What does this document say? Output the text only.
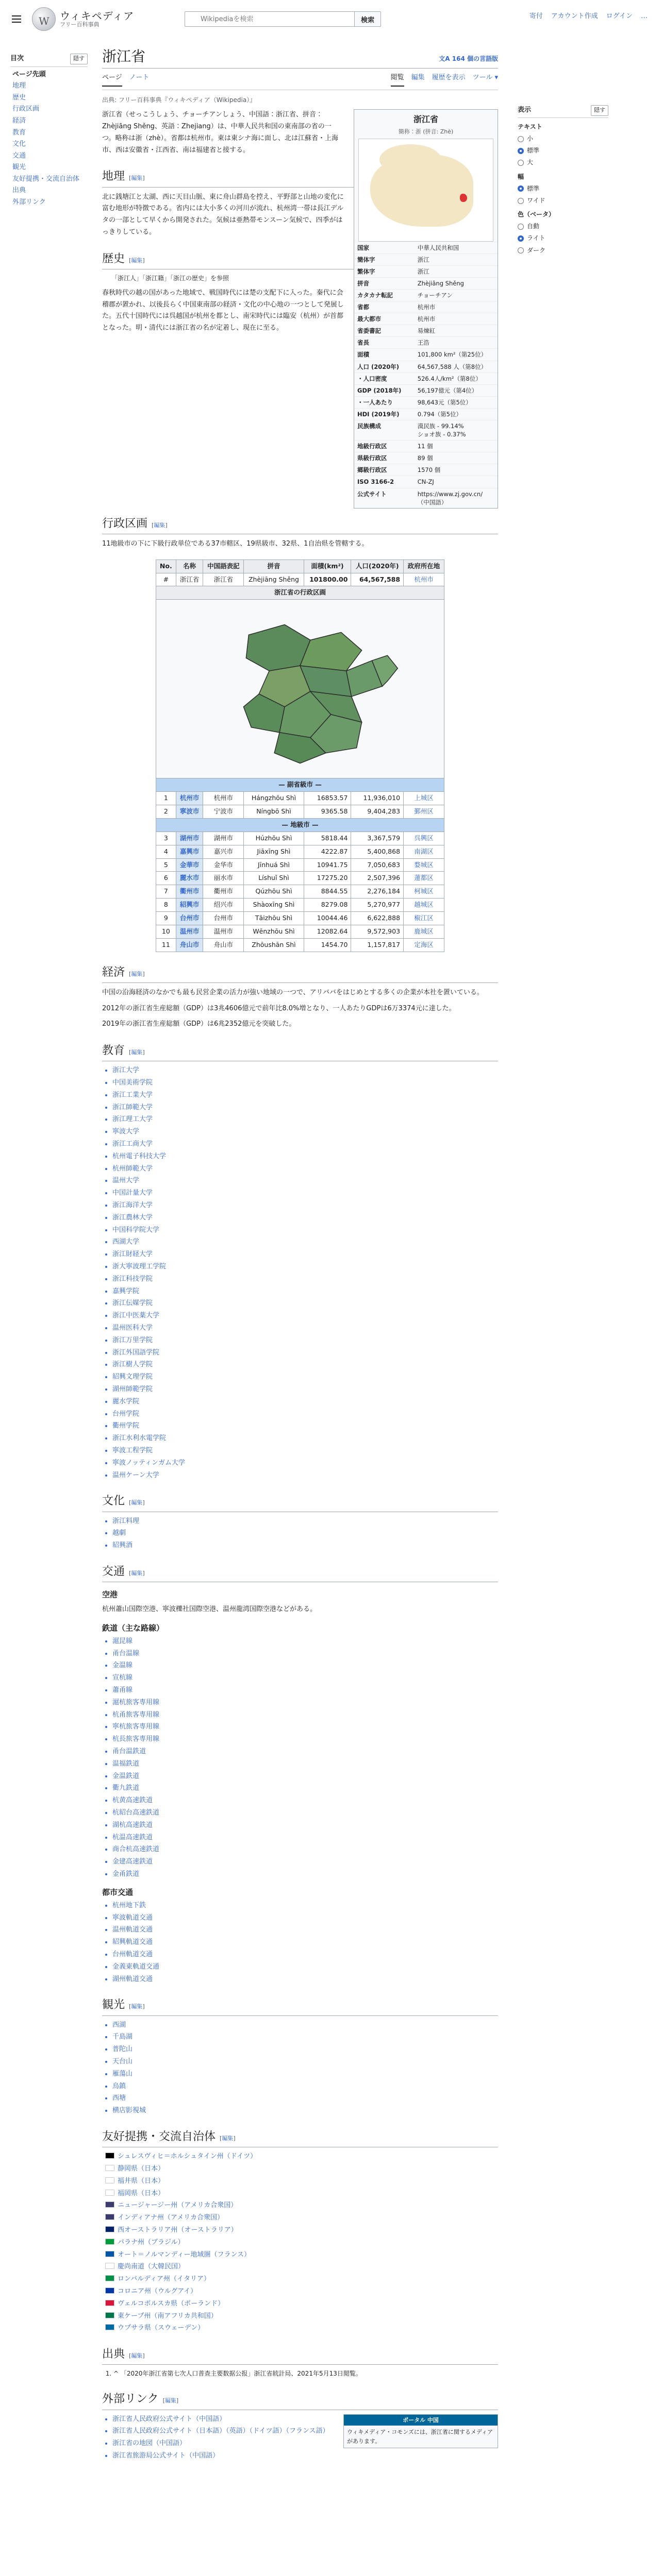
W
ウィキペディア
フリー百科事典
Wikipediaを検索
検索	寄付 アカウント作成 ログイン …
目次	隠す
ページ先頭
地理
歴史
行政区画
経済
教育
文化
交通
観光
友好提携・交流自治体
出典
外部リンク
浙江省	文A 164 個の言語版
ページ ノート	閲覧 編集 履歴を表示 ツール ▾
出典: フリー百科事典『ウィキペディア（Wikipedia）』
浙江省
簡称：浙 (拼音: Zhè)
国家	中華人民共和国
簡体字	浙江
繁体字	浙江
拼音	Zhèjiāng Shěng
カタカナ転記	チョーチアン
省都	杭州市
最大都市	杭州市
省委書記	易煉紅
省長	王浩
面積	101,800 km²（第25位）
人口 (2020年)	64,567,588 人（第8位）
・人口密度	526.4人/km²（第8位）
GDP (2018年)	56,197億元（第4位）
・一人あたり	98,643元（第5位）
HDI (2019年)	0.794（第5位）
民族構成	漢民族 - 99.14%
ショオ族 - 0.37%
地級行政区	11 個
県級行政区	89 個
郷級行政区	1570 個
ISO 3166-2	CN-ZJ
公式サイト	https://www.zj.gov.cn/（中国語）

浙江省（せっこうしょう、チョーチアンしょう、中国語：浙江省、拼音：Zhèjiāng Shěng、英語：Zhejiang）は、中華人民共和国の東南部の省の一つ。略称は浙（zhè）。省都は杭州市。東は東シナ海に面し、北は江蘇省・上海市、西は安徽省・江西省、南は福建省と接する。

地理 [編集]

北に銭塘江と太湖、西に天目山脈、東に舟山群島を控え、平野部と山地の変化に富む地形が特徴である。省内には大小多くの河川が流れ、杭州湾一帯は長江デルタの一部として早くから開発された。気候は亜熱帯モンスーン気候で、四季がはっきりしている。

歴史 [編集]
「浙江人」「浙江籍」「浙江の歴史」を参照

春秋時代の越の国があった地域で、戦国時代には楚の支配下に入った。秦代に会稽郡が置かれ、以後長らく中国東南部の経済・文化の中心地の一つとして発展した。五代十国時代には呉越国が杭州を都とし、南宋時代には臨安（杭州）が首都となった。明・清代には浙江省の名が定着し、現在に至る。

行政区画 [編集]

11地級市の下に下級行政単位である37市轄区、19県級市、32県、1自治県を管轄する。

No.	名称	中国語表記	拼音	面積(km²)	人口(2020年)	政府所在地
#	浙江省	浙江省	Zhèjiāng Shěng	101800.00	64,567,588	杭州市

浙江省の行政区画						

— 副省級市 —						
1	杭州市	杭州市	Hángzhōu Shì	16853.57	11,936,010	上城区
2	寧波市	宁波市	Níngbō Shì	9365.58	9,404,283	鄞州区
— 地級市 —						
3	湖州市	湖州市	Húzhōu Shì	5818.44	3,367,579	呉興区
4	嘉興市	嘉兴市	Jiāxīng Shì	4222.87	5,400,868	南湖区
5	金華市	金华市	Jīnhuá Shì	10941.75	7,050,683	婺城区
6	麗水市	丽水市	Líshuǐ Shì	17275.20	2,507,396	蓮都区
7	衢州市	衢州市	Qúzhōu Shì	8844.55	2,276,184	柯城区
8	紹興市	绍兴市	Shàoxīng Shì	8279.08	5,270,977	越城区
9	台州市	台州市	Tāizhōu Shì	10044.46	6,622,888	椒江区
10	温州市	温州市	Wēnzhōu Shì	12082.64	9,572,903	鹿城区
11	舟山市	舟山市	Zhōushān Shì	1454.70	1,157,817	定海区
経済 [編集]

中国の沿海経済のなかでも最も民営企業の活力が強い地域の一つで、アリババをはじめとする多くの企業が本社を置いている。

2012年の浙江省生産総額（GDP）は3兆4606億元で前年比8.0%増となり、一人あたりGDPは6万3374元に達した。

2019年の浙江省生産総額（GDP）は6兆2352億元を突破した。

教育 [編集]
• 浙江大学
• 中国美術学院
• 浙江工業大学
• 浙江師範大学
• 浙江理工大学
• 寧波大学
• 浙江工商大学
• 杭州電子科技大学
• 杭州師範大学
• 温州大学
• 中国計量大学
• 浙江海洋大学
• 浙江農林大学
• 中国科学院大学
• 西湖大学
• 浙江財経大学
• 浙大寧波理工学院
• 浙江科技学院
• 嘉興学院
• 浙江伝媒学院
• 浙江中医薬大学
• 温州医科大学
• 浙江万里学院
• 浙江外国語学院
• 浙江樹人学院
• 紹興文理学院
• 湖州師範学院
• 麗水学院
• 台州学院
• 衢州学院
• 浙江水利水電学院
• 寧波工程学院
• 寧波ノッティンガム大学
• 温州ケーン大学
文化 [編集]
• 浙江料理
• 越劇
• 紹興酒
交通 [編集]
空港

杭州蕭山国際空港、寧波櫟社国際空港、温州龍湾国際空港などがある。

鉄道（主な路線）
• 滬昆線
• 甬台温線
• 金温線
• 宣杭線
• 蕭甬線
• 滬杭旅客専用線
• 杭甬旅客専用線
• 寧杭旅客専用線
• 杭長旅客専用線
• 甬台温鉄道
• 温福鉄道
• 金温鉄道
• 衢九鉄道
• 杭黄高速鉄道
• 杭紹台高速鉄道
• 湖杭高速鉄道
• 杭温高速鉄道
• 商合杭高速鉄道
• 金建高速鉄道
• 金甬鉄道
都市交通
• 杭州地下鉄
• 寧波軌道交通
• 温州軌道交通
• 紹興軌道交通
• 台州軌道交通
• 金義東軌道交通
• 湖州軌道交通
観光 [編集]
• 西湖
• 千島湖
• 普陀山
• 天台山
• 雁蕩山
• 烏鎮
• 西塘
• 横店影視城
友好提携・交流自治体 [編集]
シュレスヴィヒ＝ホルシュタイン州（ドイツ）
静岡県（日本）
福井県（日本）
福岡県（日本）
ニュージャージー州（アメリカ合衆国）
インディアナ州（アメリカ合衆国）
西オーストラリア州（オーストラリア）
パラナ州（ブラジル）
オート＝ノルマンディー地域圏（フランス）
慶尚南道（大韓民国）
ロンバルディア州（イタリア）
コロニア州（ウルグアイ）
ヴェルコポルスカ県（ポーランド）
東ケープ州（南アフリカ共和国）
ウプサラ県（スウェーデン）
出典 [編集]
1. ^ 「2020年浙江省第七次人口普查主要数据公报」浙江省統計局、2021年5月13日閲覧。
外部リンク [編集]
ポータル 中国
ウィキメディア・コモンズには、浙江省に関するメディアがあります。
• 浙江省人民政府公式サイト（中国語）
• 浙江省人民政府公式サイト（日本語）（英語）（ドイツ語）（フランス語）
• 浙江省の地図（中国語）
• 浙江省旅游局公式サイト（中国語）
表示	隠す
テキスト
小
標準
大
幅
標準
ワイド
色（ベータ）
自動
ライト
ダーク
